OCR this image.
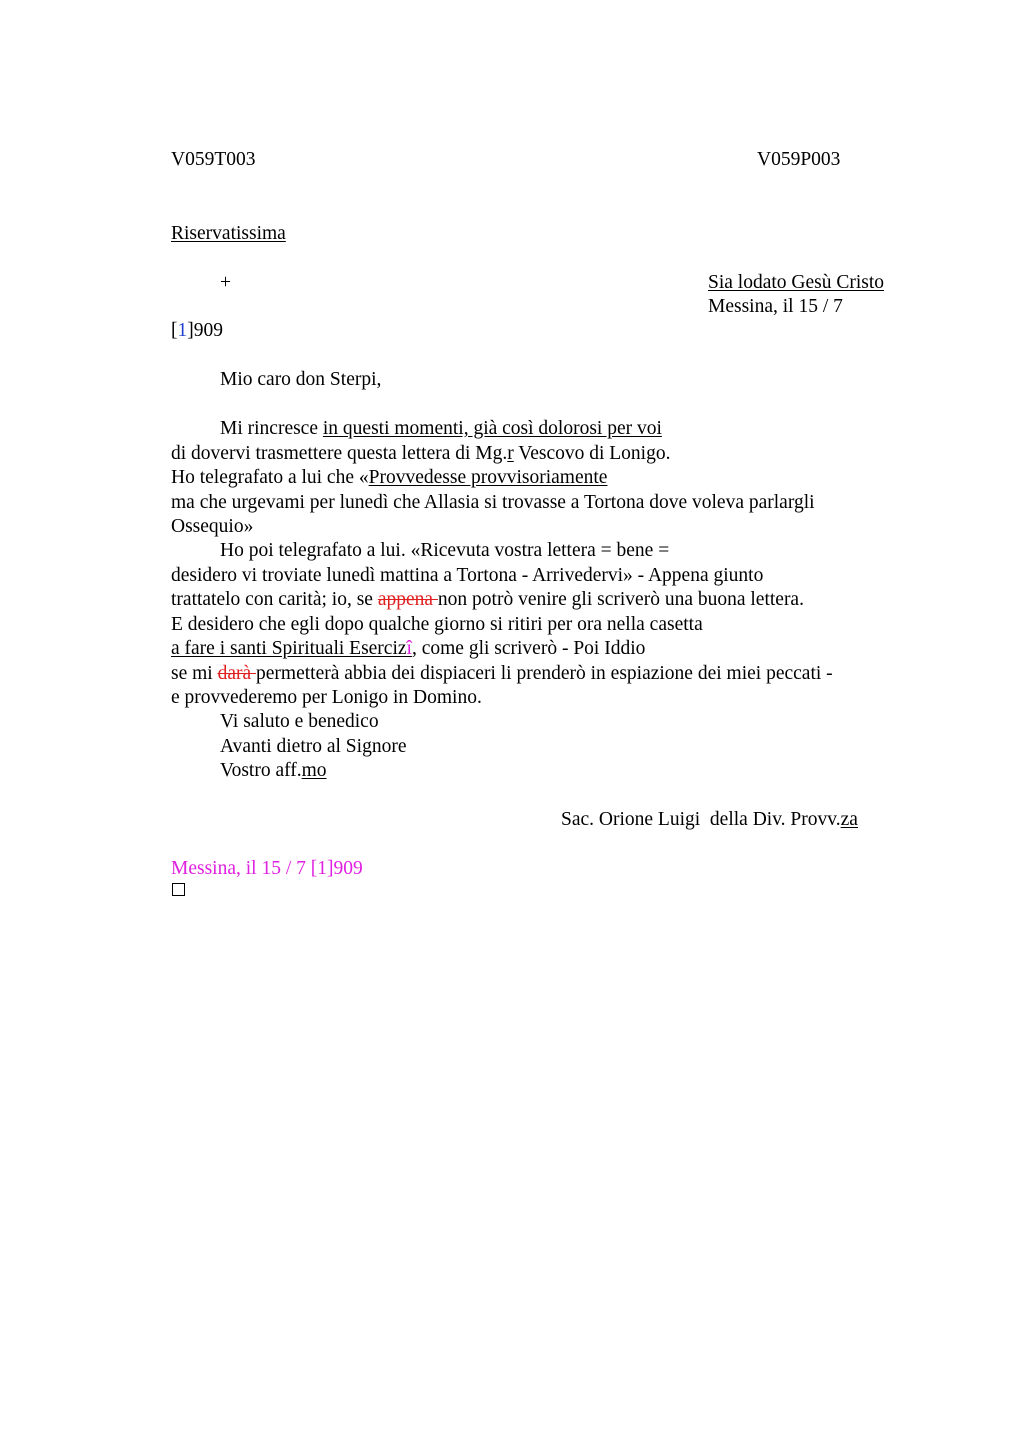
V059T003	V059P003
Riservatissima
+	Sia lodato Gesù Cristo
Messina, il 15 / 7
[1]909
Mio caro don Sterpi,
Mi rincresce in questi momenti, già così dolorosi per voi
di dovervi trasmettere questa lettera di Mg.r Vescovo di Lonigo.
Ho telegrafato a lui che «Provvedesse provvisoriamente
ma che urgevami per lunedì che Allasia si trovasse a Tortona dove voleva parlargli
Ossequio»
Ho poi telegrafato a lui. «Ricevuta vostra lettera = bene =
desidero vi troviate lunedì mattina a Tortona - Arrivedervi» - Appena giunto
trattatelo con carità; io, se appena non potrò venire gli scriverò una buona lettera.
E desidero che egli dopo qualche giorno si ritiri per ora nella casetta
a fare i santi Spirituali Esercizî, come gli scriverò - Poi Iddio
se mi darà permetterà abbia dei dispiaceri li prenderò in espiazione dei miei peccati -
e provvederemo per Lonigo in Domino.
Vi saluto e benedico
Avanti dietro al Signore
Vostro aff.mo
Sac. Orione Luigi  della Div. Provv.za
Messina, il 15 / 7 [1]909
